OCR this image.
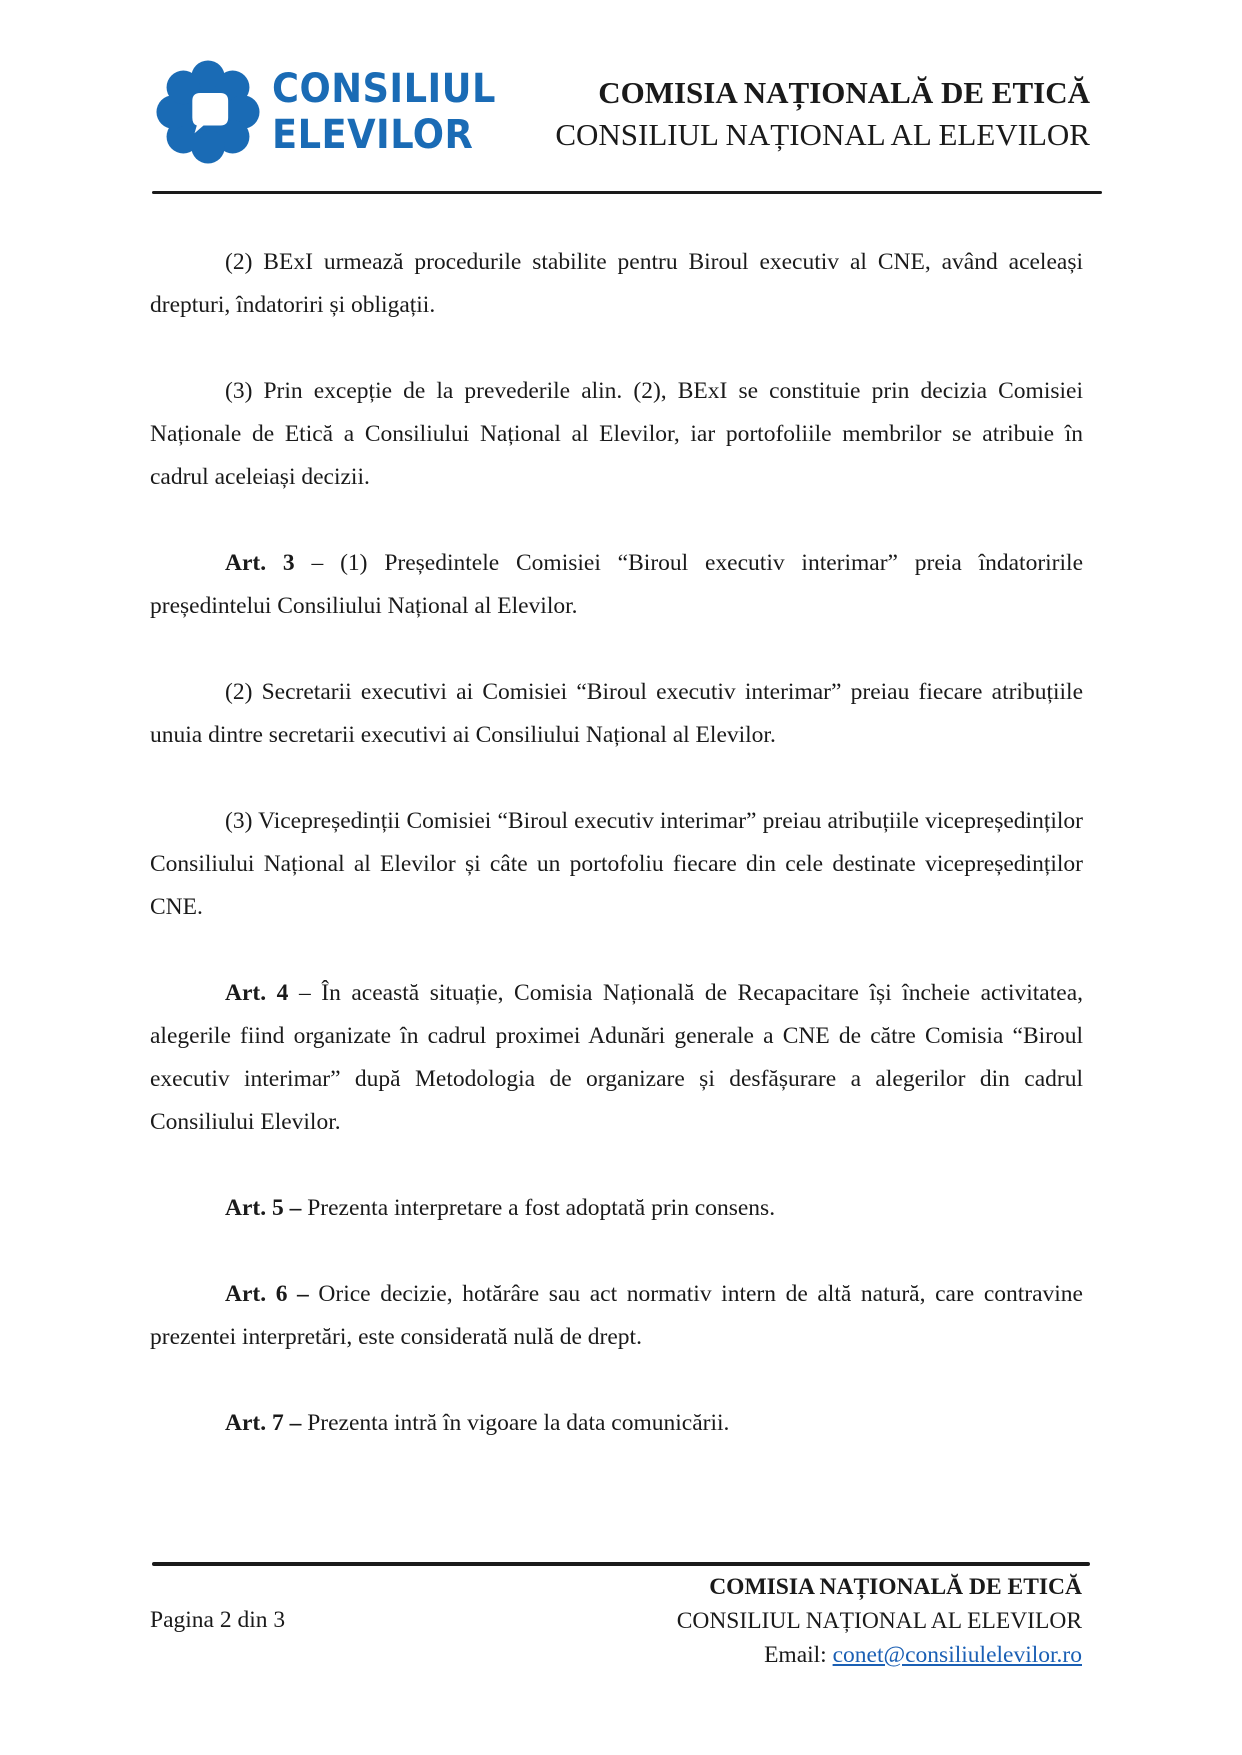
CONSILIUL
ELEVILOR
COMISIA NAȚIONALĂ DE ETICĂ
CONSILIUL NAȚIONAL AL ELEVILOR

(2) BExI urmează procedurile stabilite pentru Biroul executiv al CNE, având aceleași drepturi, îndatoriri și obligații.

(3) Prin excepție de la prevederile alin. (2), BExI se constituie prin decizia Comisiei Naționale de Etică a Consiliului Național al Elevilor, iar portofoliile membrilor se atribuie în cadrul aceleiași decizii.

Art. 3 – (1) Președintele Comisiei “Biroul executiv interimar” preia îndatoririle președintelui Consiliului Național al Elevilor.

(2) Secretarii executivi ai Comisiei “Biroul executiv interimar” preiau fiecare atribuțiile unuia dintre secretarii executivi ai Consiliului Național al Elevilor.

(3) Vicepreședinții Comisiei “Biroul executiv interimar” preiau atribuțiile vicepreședinților Consiliului Național al Elevilor și câte un portofoliu fiecare din cele destinate vicepreședinților CNE.

Art. 4 – În această situație, Comisia Națională de Recapacitare își încheie activitatea, alegerile fiind organizate în cadrul proximei Adunări generale a CNE de către Comisia “Biroul executiv interimar” după Metodologia de organizare și desfășurare a alegerilor din cadrul Consiliului Elevilor.

Art. 5 – Prezenta interpretare a fost adoptată prin consens.

Art. 6 – Orice decizie, hotărâre sau act normativ intern de altă natură, care contravine prezentei interpretări, este considerată nulă de drept.

Art. 7 – Prezenta intră în vigoare la data comunicării.

Pagina 2 din 3
COMISIA NAȚIONALĂ DE ETICĂ
CONSILIUL NAȚIONAL AL ELEVILOR
Email: conet@consiliulelevilor.ro
